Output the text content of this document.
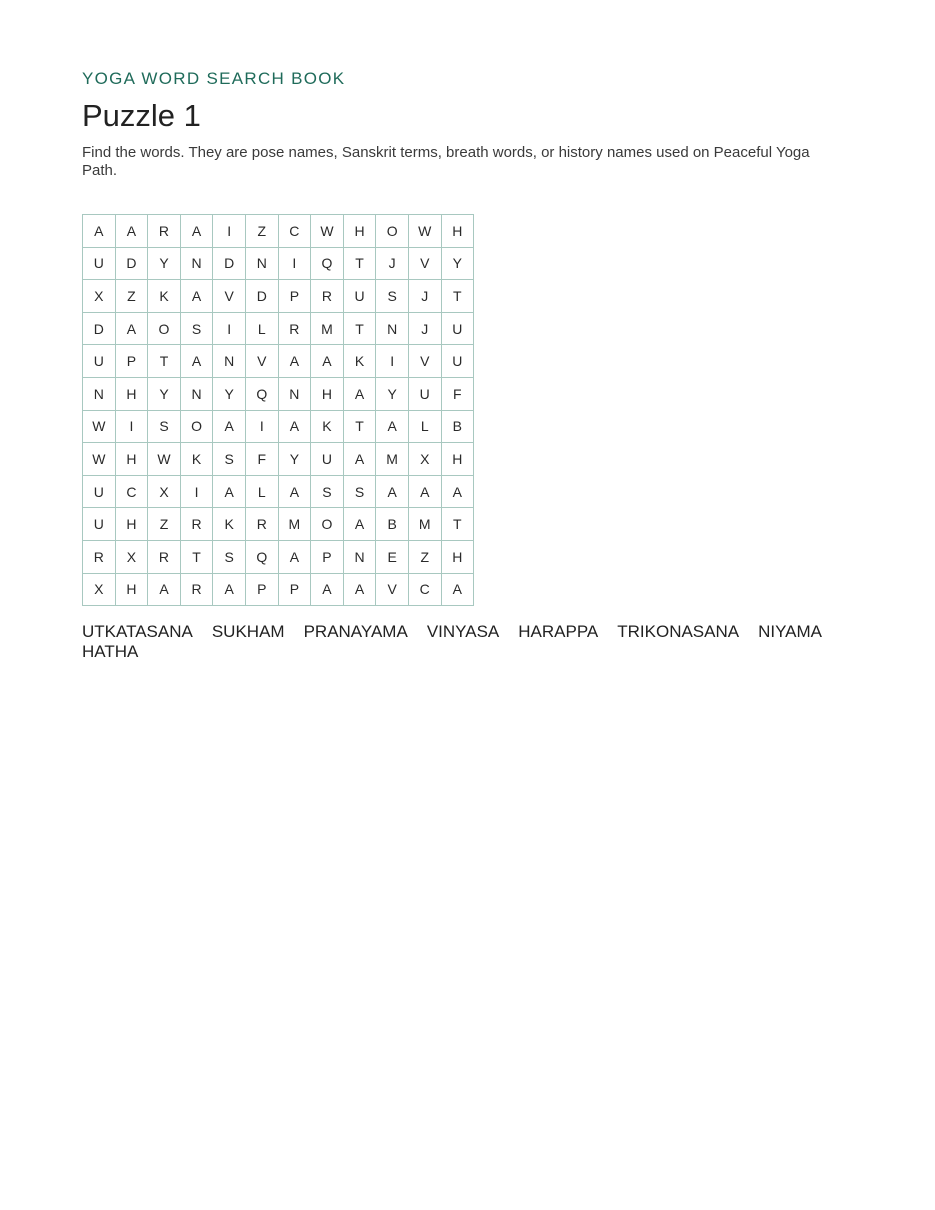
YOGA WORD SEARCH BOOK
Puzzle 1

Find the words. They are pose names, Sanskrit terms, breath words, or history names used on Peaceful Yoga Path.

A	A	R	A	I	Z	C	W	H	O	W	H
U	D	Y	N	D	N	I	Q	T	J	V	Y
X	Z	K	A	V	D	P	R	U	S	J	T
D	A	O	S	I	L	R	M	T	N	J	U
U	P	T	A	N	V	A	A	K	I	V	U
N	H	Y	N	Y	Q	N	H	A	Y	U	F
W	I	S	O	A	I	A	K	T	A	L	B
W	H	W	K	S	F	Y	U	A	M	X	H
U	C	X	I	A	L	A	S	S	A	A	A
U	H	Z	R	K	R	M	O	A	B	M	T
R	X	R	T	S	Q	A	P	N	E	Z	H
X	H	A	R	A	P	P	A	A	V	C	A
UTKATASANA SUKHAM PRANAYAMA VINYASA HARAPPA TRIKONASANA NIYAMAHATHA
